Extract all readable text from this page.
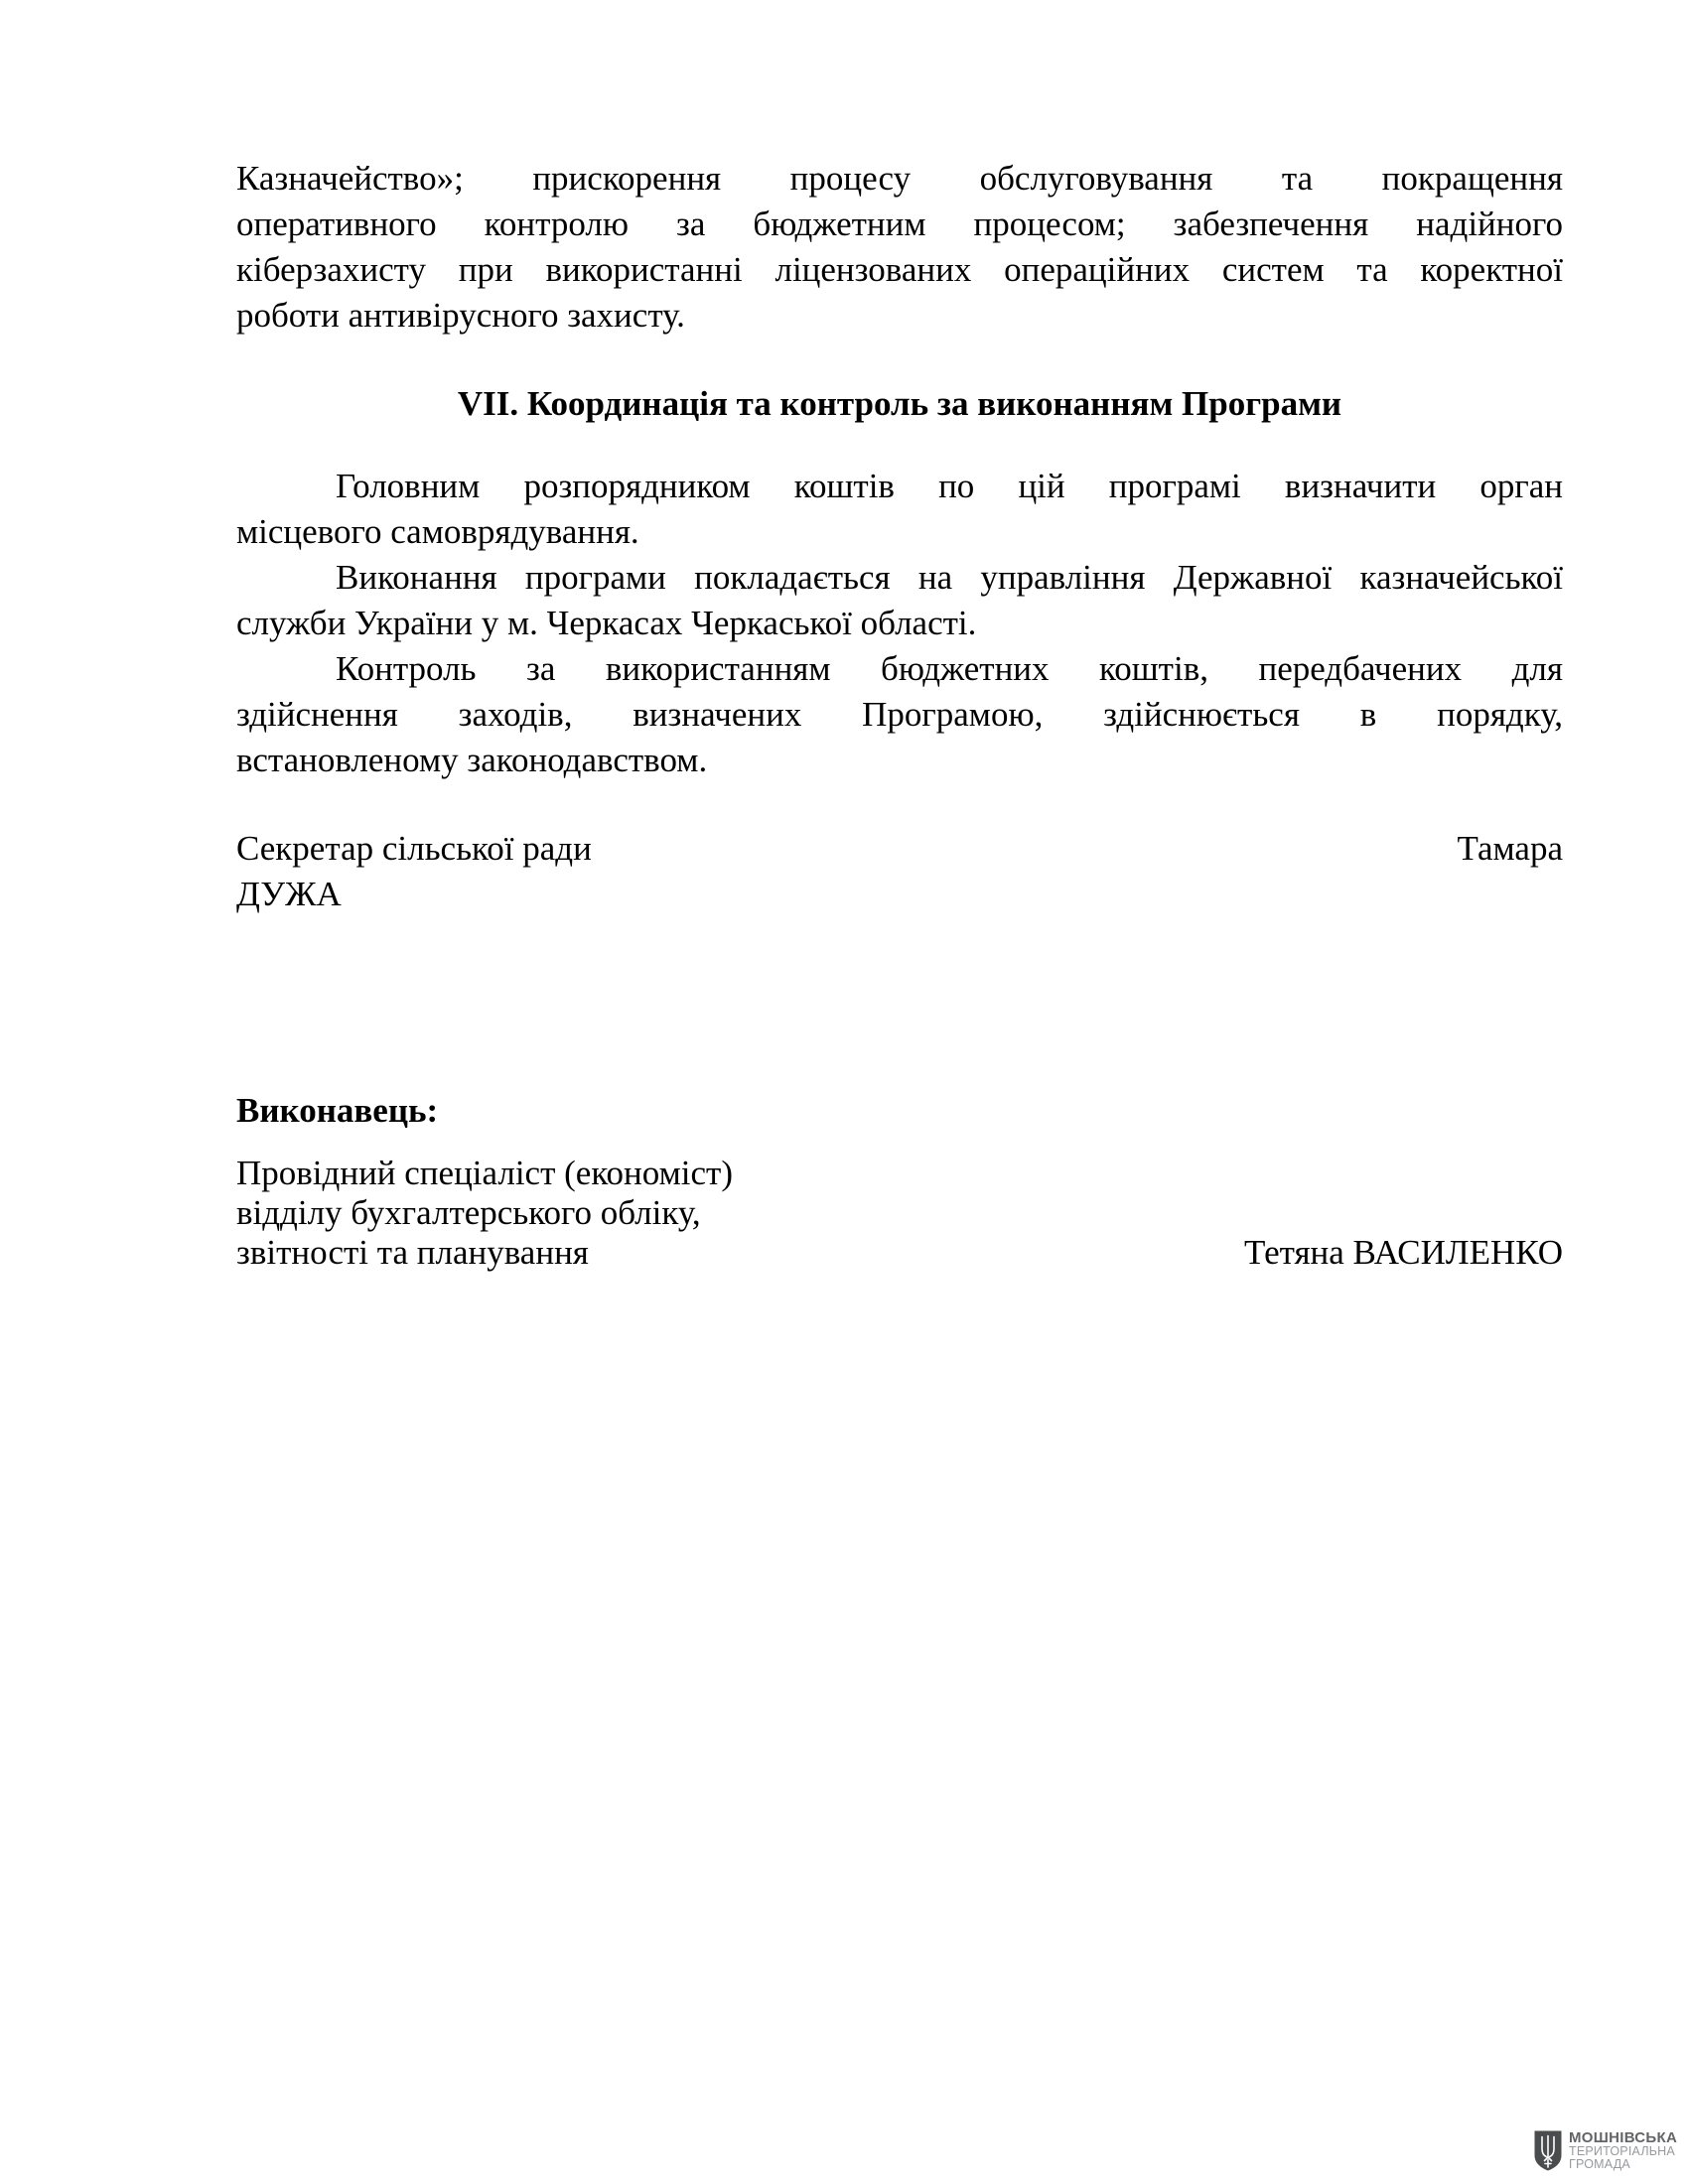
Казначейство»; прискорення процесу обслуговування та покращення
оперативного контролю за бюджетним процесом; забезпечення надійного
кіберзахисту при використанні ліцензованих операційних систем та коректної
роботи антивірусного захисту.
VII. Координація та контроль за виконанням Програми
Головним розпорядником коштів по цій програмі визначити орган
місцевого самоврядування.
Виконання програми покладається на управління Державної казначейської
служби України у м. Черкасах Черкаської області.
Контроль за використанням бюджетних коштів, передбачених для
здійснення заходів, визначених Програмою, здійснюється в порядку,
встановленому законодавством.
Секретар сільської ради	Тамара
ДУЖА
Виконавець:
Провідний спеціаліст (економіст)
відділу бухгалтерського обліку,
звітності та планування	Тетяна ВАСИЛЕНКО
МОШНІВСЬКА
ТЕРИТОРІАЛЬНА
ГРОМАДА
